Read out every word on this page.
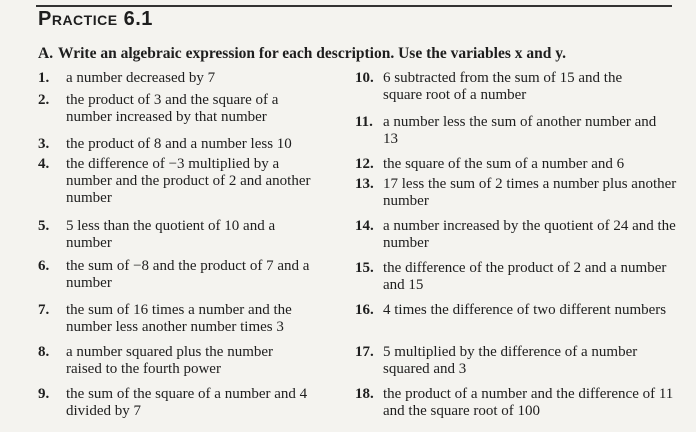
Practice 6.1
A. Write an algebraic expression for each description. Use the variables x and y.
1. a number decreased by 7
2. the product of 3 and the square of a number increased by that number
3. the product of 8 and a number less 10
4. the difference of −3 multiplied by a number and the product of 2 and another number
5. 5 less than the quotient of 10 and a number
6. the sum of −8 and the product of 7 and a number
7. the sum of 16 times a number and the number less another number times 3
8. a number squared plus the number raised to the fourth power
9. the sum of the square of a number and 4 divided by 7
10. 6 subtracted from the sum of 15 and the square root of a number
11. a number less the sum of another number and 13
12. the square of the sum of a number and 6
13. 17 less the sum of 2 times a number plus another number
14. a number increased by the quotient of 24 and the number
15. the difference of the product of 2 and a number and 15
16. 4 times the difference of two different numbers
17. 5 multiplied by the difference of a number squared and 3
18. the product of a number and the difference of 11 and the square root of 100
